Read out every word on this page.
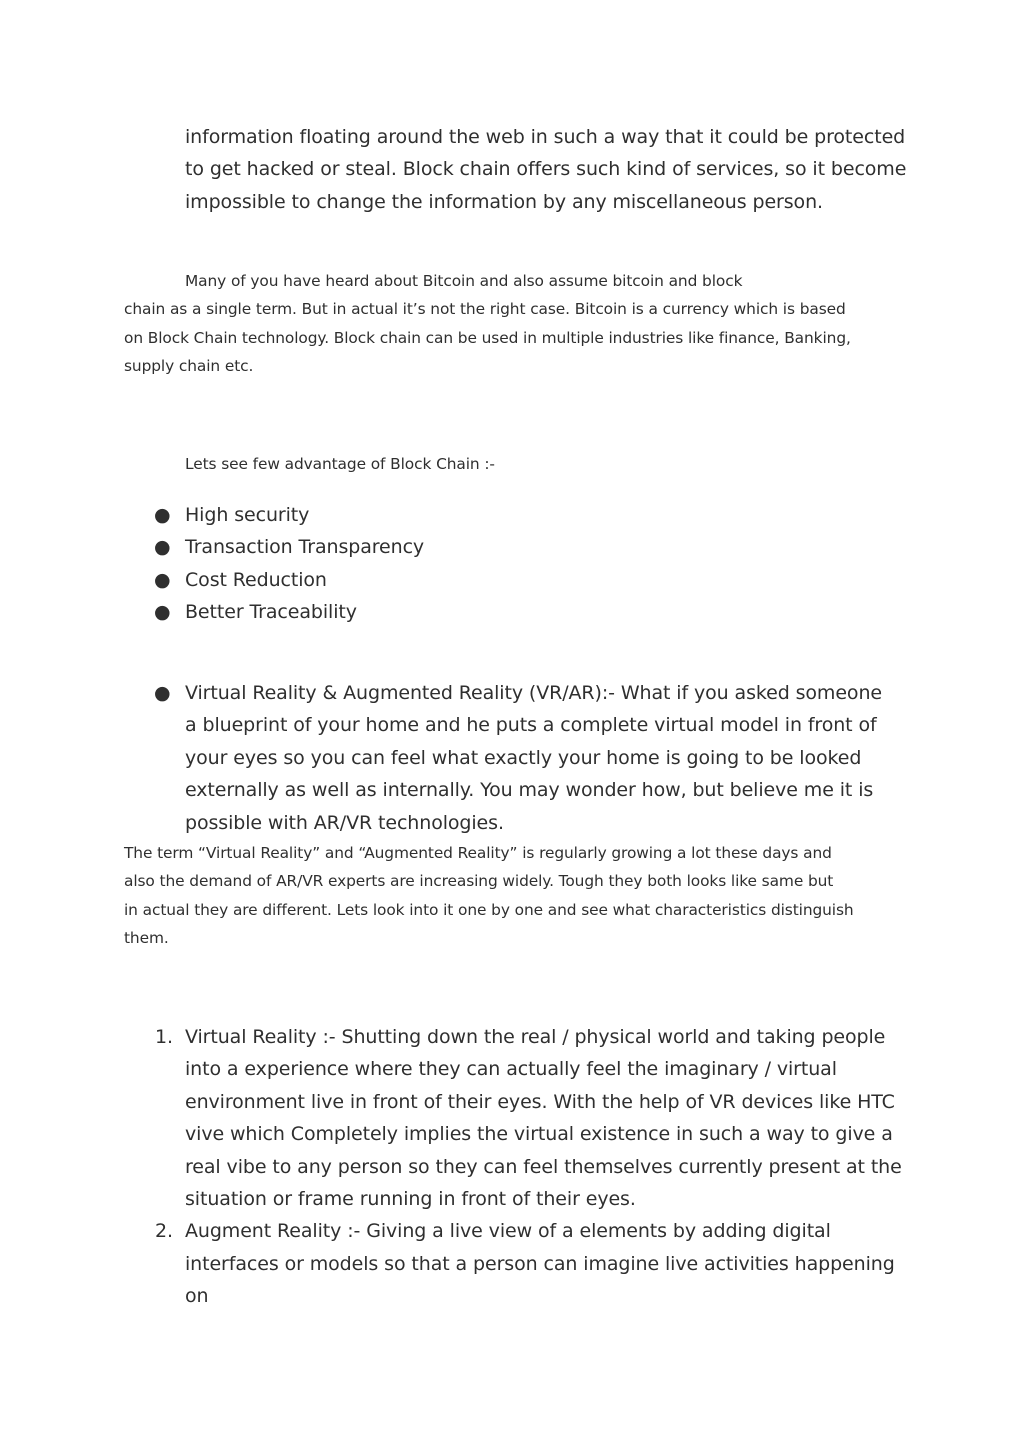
information floating around the web in such a way that it could be protected
to get hacked or steal. Block chain offers such kind of services, so it become
impossible to change the information by any miscellaneous person.
Many of you have heard about Bitcoin and also assume bitcoin and block
chain as a single term. But in actual it’s not the right case. Bitcoin is a currency which is based
on Block Chain technology. Block chain can be used in multiple industries like finance, Banking,
supply chain etc.
Lets see few advantage of Block Chain :-
● High security
● Transaction Transparency
● Cost Reduction
● Better Traceability
● Virtual Reality & Augmented Reality (VR/AR):- What if you asked someone
a blueprint of your home and he puts a complete virtual model in front of
your eyes so you can feel what exactly your home is going to be looked
externally as well as internally. You may wonder how, but believe me it is
possible with AR/VR technologies.
The term “Virtual Reality” and “Augmented Reality” is regularly growing a lot these days and
also the demand of AR/VR experts are increasing widely. Tough they both looks like same but
in actual they are different. Lets look into it one by one and see what characteristics distinguish
them.
1. Virtual Reality :- Shutting down the real / physical world and taking people
into a experience where they can actually feel the imaginary / virtual
environment live in front of their eyes. With the help of VR devices like HTC
vive which Completely implies the virtual existence in such a way to give a
real vibe to any person so they can feel themselves currently present at the
situation or frame running in front of their eyes.
2. Augment Reality :- Giving a live view of a elements by adding digital
interfaces or models so that a person can imagine live activities happening on
